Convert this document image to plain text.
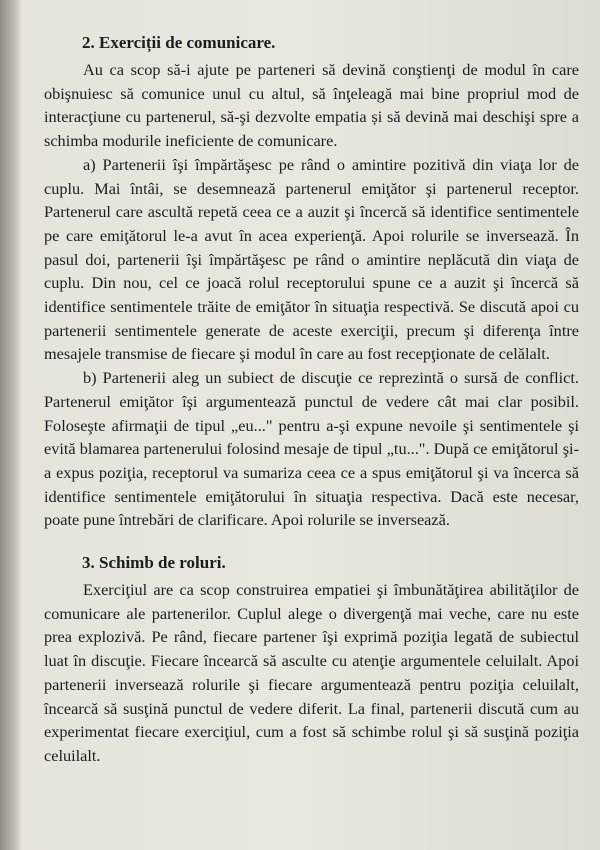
2. Exerciții de comunicare.

Au ca scop să-i ajute pe parteneri să devină conştienţi de modul în care obişnuiesc să comunice unul cu altul, să înţeleagă mai bine propriul mod de interacţiune cu partenerul, să-şi dezvolte empatia și să devină mai deschişi spre a schimba modurile ineficiente de comunicare.

a) Partenerii îşi împărtăşesc pe rând o amintire pozitivă din viaţa lor de cuplu. Mai întâi, se desemnează partenerul emiţător şi partenerul receptor. Partenerul care ascultă repetă ceea ce a auzit şi încercă să identifice sentimentele pe care emiţătorul le-a avut în acea experienţă. Apoi rolurile se inversează. În pasul doi, partenerii îşi împărtăşesc pe rând o amintire neplăcută din viaţa de cuplu. Din nou, cel ce joacă rolul receptorului spune ce a auzit şi încercă să identifice sentimentele trăite de emiţător în situaţia respectivă. Se discută apoi cu partenerii sentimentele generate de aceste exerciţii, precum şi diferenţa între mesajele transmise de fiecare şi modul în care au fost recepţionate de celălalt.

b) Partenerii aleg un subiect de discuţie ce reprezintă o sursă de conflict. Partenerul emiţător îşi argumentează punctul de vedere cât mai clar posibil. Foloseşte afirmaţii de tipul „eu..." pentru a-şi expune nevoile şi sentimentele şi evită blamarea partenerului folosind mesaje de tipul „tu...". După ce emiţătorul şi-a expus poziţia, receptorul va sumariza ceea ce a spus emiţătorul şi va încerca să identifice sentimentele emiţătorului în situaţia respectiva. Dacă este necesar, poate pune întrebări de clarificare. Apoi rolurile se inversează.

3. Schimb de roluri.

Exerciţiul are ca scop construirea empatiei şi îmbunătăţirea abilităţilor de comunicare ale partenerilor. Cuplul alege o divergenţă mai veche, care nu este prea explozivă. Pe rând, fiecare partener îşi exprimă poziţia legată de subiectul luat în discuţie. Fiecare încearcă să asculte cu atenţie argumentele celuilalt. Apoi partenerii inversează rolurile şi fiecare argumentează pentru poziţia celuilalt, încearcă să susţină punctul de vedere diferit. La final, partenerii discută cum au experimentat fiecare exerciţiul, cum a fost să schimbe rolul şi să susţină poziţia celuilalt.
